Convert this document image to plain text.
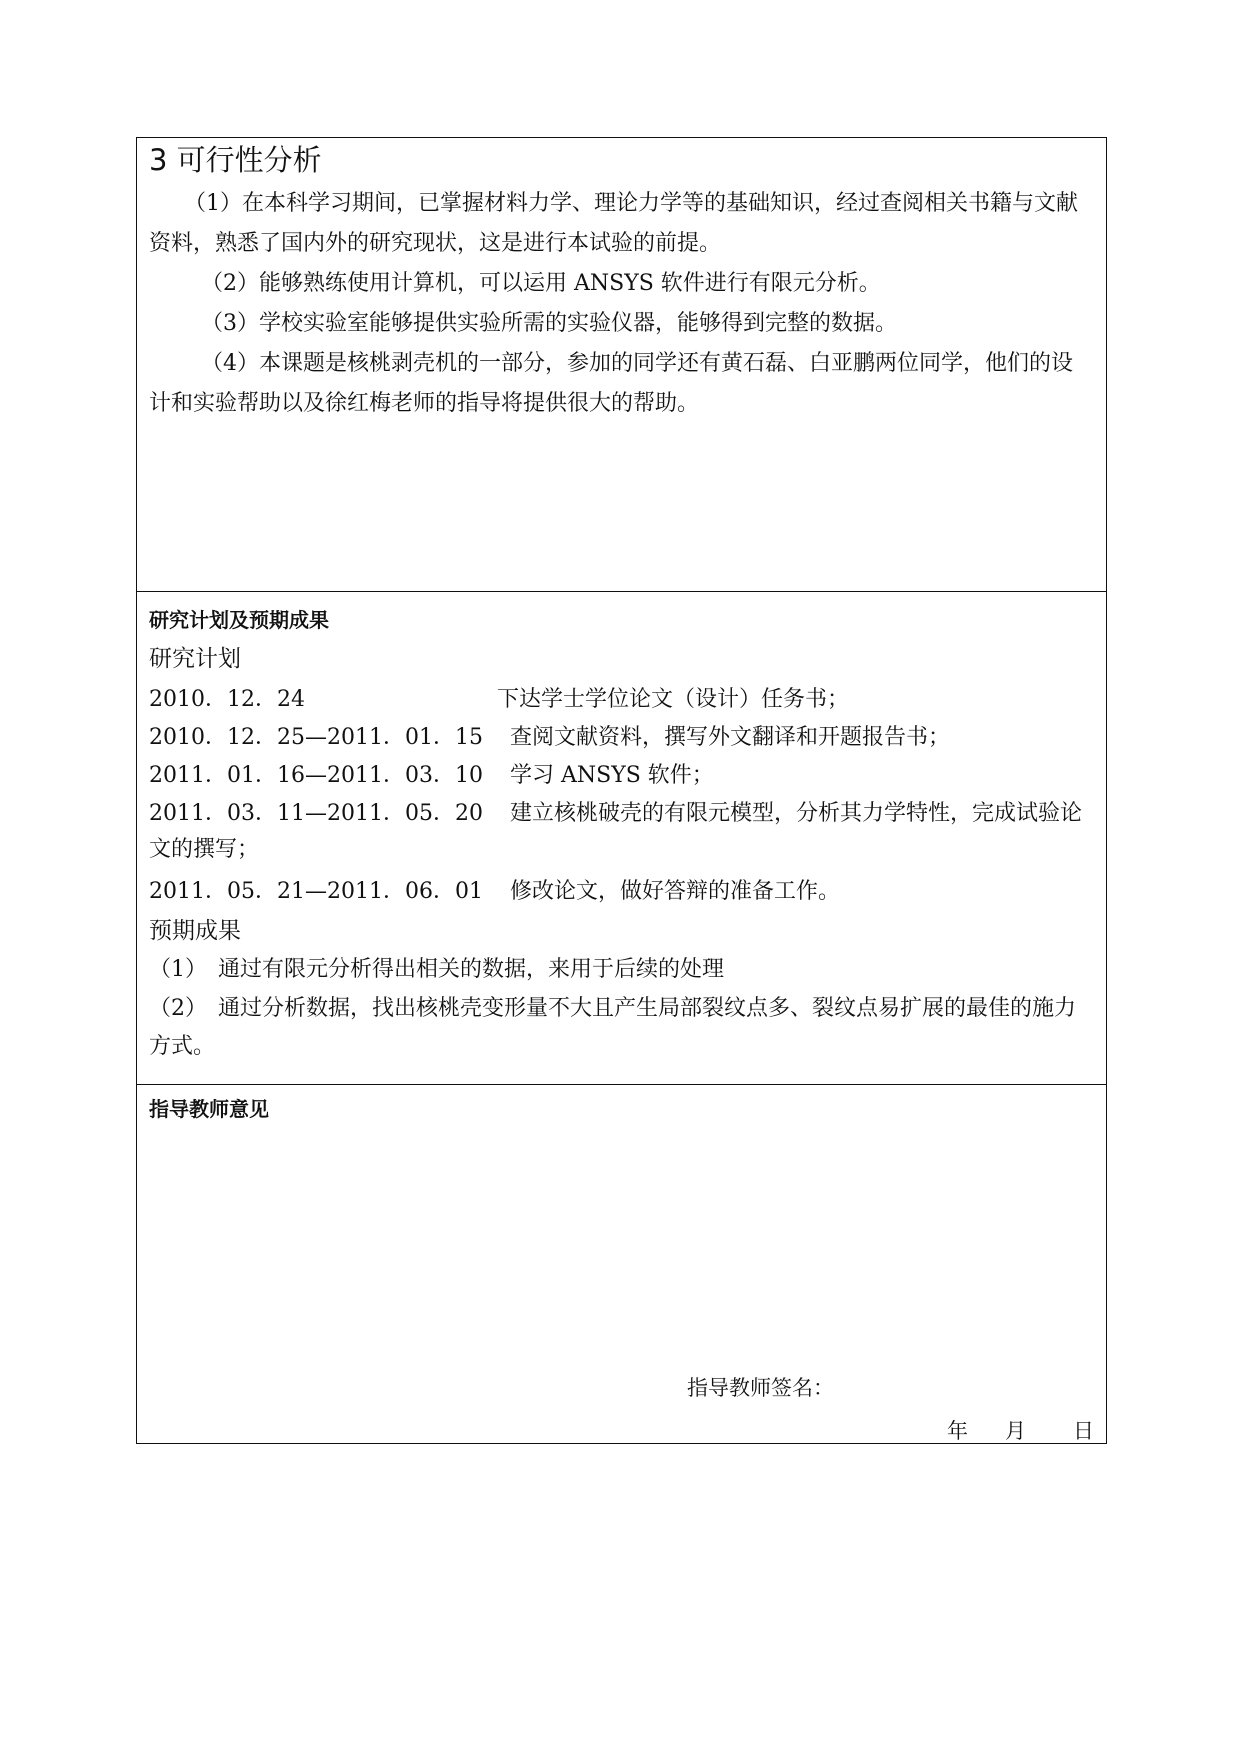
3 可行性分析
（1）在本科学习期间，已掌握材料力学、理论力学等的基础知识，经过查阅相关书籍与文献资料，熟悉了国内外的研究现状，这是进行本试验的前提。
（2）能够熟练使用计算机，可以运用 ANSYS 软件进行有限元分析。
（3）学校实验室能够提供实验所需的实验仪器，能够得到完整的数据。
（4）本课题是核桃剥壳机的一部分，参加的同学还有黄石磊、白亚鹏两位同学，他们的设计和实验帮助以及徐红梅老师的指导将提供很大的帮助。
研究计划及预期成果
研究计划
2010．12．24	下达学士学位论文（设计）任务书；
2010．12．25—2011．01．15 查阅文献资料，撰写外文翻译和开题报告书；
2011．01．16—2011．03．10 学习 ANSYS 软件；
2011．03．11—2011．05．20 建立核桃破壳的有限元模型，分析其力学特性，完成试验论文的撰写；
2011．05．21—2011．06．01 修改论文，做好答辩的准备工作。
预期成果
（1）　通过有限元分析得出相关的数据，来用于后续的处理
（2）　通过分析数据，找出核桃壳变形量不大且产生局部裂纹点多、裂纹点易扩展的最佳的施力方式。
指导教师意见
指导教师签名：
年 月 日
